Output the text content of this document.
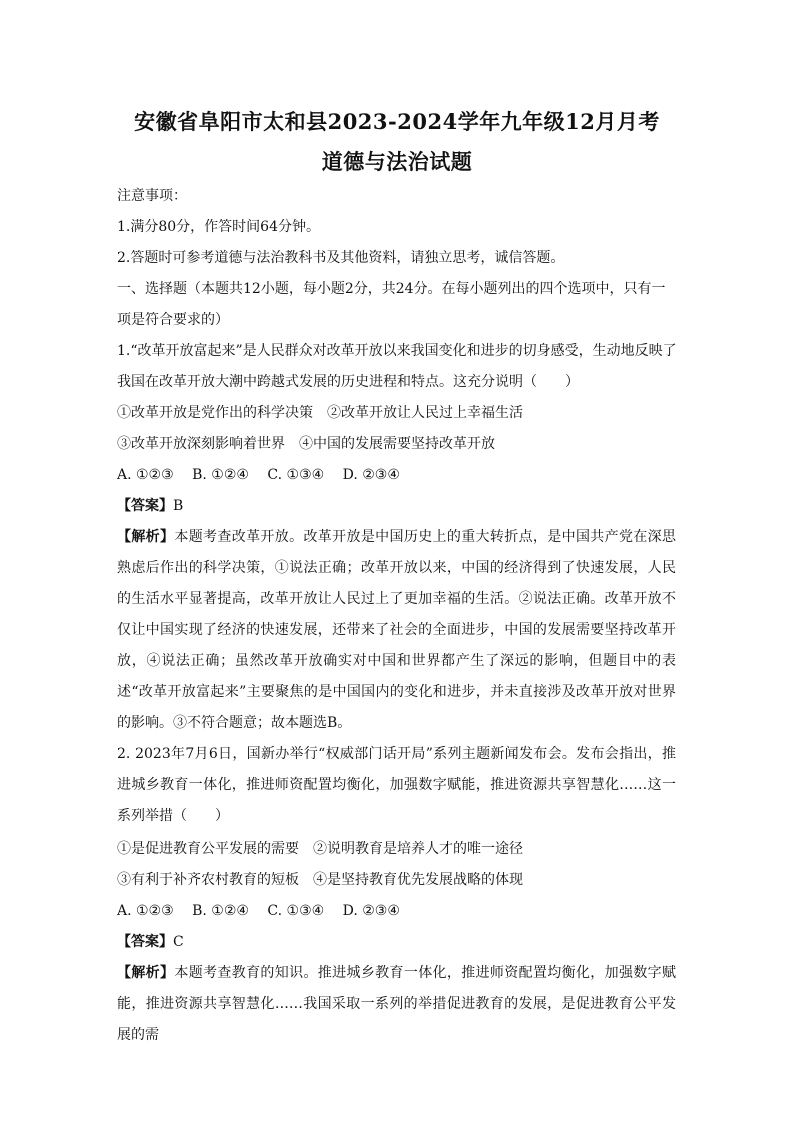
安徽省阜阳市太和县2023-2024学年九年级12月月考
道德与法治试题
注意事项：
1.满分80分，作答时间64分钟。
2.答题时可参考道德与法治教科书及其他资料，请独立思考，诚信答题。
一、选择题（本题共12小题，每小题2分，共24分。在每小题列出的四个选项中，只有一
项是符合要求的）
1.“改革开放富起来”是人民群众对改革开放以来我国变化和进步的切身感受，生动地反映了
我国在改革开放大潮中跨越式发展的历史进程和特点。这充分说明（　　）
①改革开放是党作出的科学决策　②改革开放让人民过上幸福生活
③改革开放深刻影响着世界　④中国的发展需要坚持改革开放
A. ①②③　 B. ①②④　 C. ①③④　 D. ②③④
【答案】B
【解析】本题考查改革开放。改革开放是中国历史上的重大转折点，是中国共产党在深思熟虑后作出的科学决策，①说法正确；改革开放以来，中国的经济得到了快速发展，人民的生活水平显著提高，改革开放让人民过上了更加幸福的生活。②说法正确。改革开放不仅让中国实现了经济的快速发展，还带来了社会的全面进步，中国的发展需要坚持改革开放，④说法正确；虽然改革开放确实对中国和世界都产生了深远的影响，但题目中的表述“改革开放富起来”主要聚焦的是中国国内的变化和进步，并未直接涉及改革开放对世界的影响。③不符合题意；故本题选B。
2. 2023年7月6日，国新办举行“权威部门话开局”系列主题新闻发布会。发布会指出，推进城乡教育一体化，推进师资配置均衡化，加强数字赋能，推进资源共享智慧化……这一系列举措（　　）
①是促进教育公平发展的需要　②说明教育是培养人才的唯一途径
③有利于补齐农村教育的短板　④是坚持教育优先发展战略的体现
A. ①②③　 B. ①②④　 C. ①③④　 D. ②③④
【答案】C
【解析】本题考查教育的知识。推进城乡教育一体化，推进师资配置均衡化，加强数字赋能，推进资源共享智慧化……我国采取一系列的举措促进教育的发展，是促进教育公平发展的需
